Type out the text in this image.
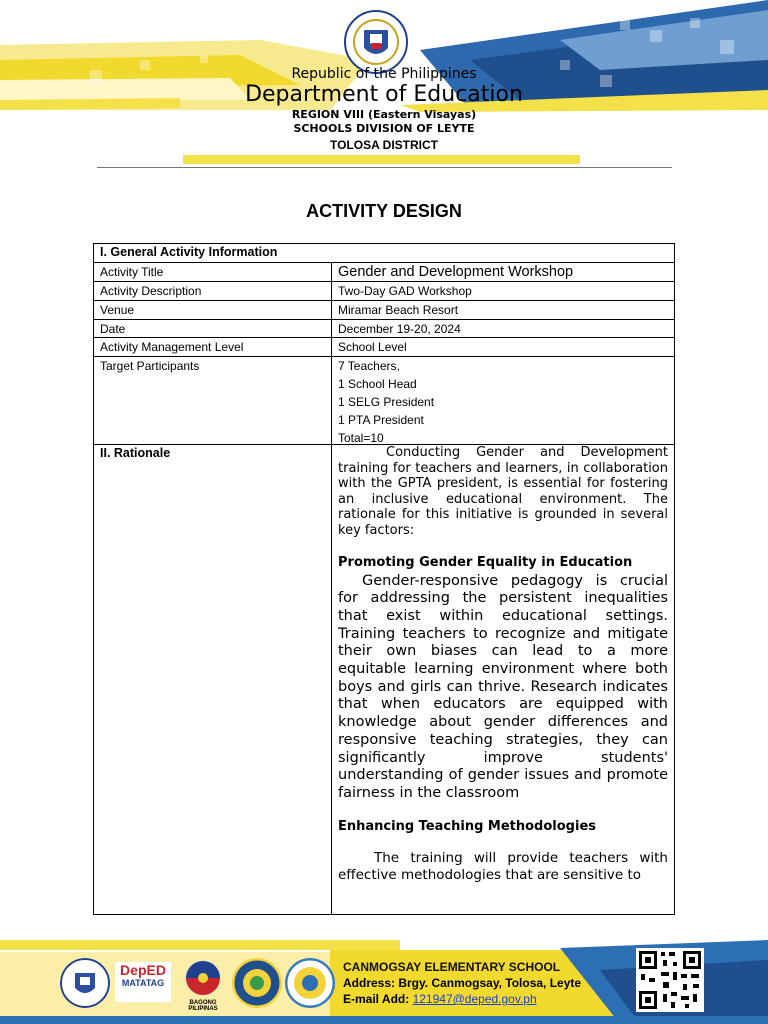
Republic of the Philippines
Department of Education
REGION VIII (Eastern Visayas)
SCHOOLS DIVISION OF LEYTE
TOLOSA DISTRICT
ACTIVITY DESIGN
I. General Activity Information
Activity Title	Gender and Development Workshop
Activity Description	Two-Day GAD Workshop
Venue	Miramar Beach Resort
Date	December 19-20, 2024
Activity Management Level	School Level
Target Participants	7 Teachers,
1 School Head
1 SELG President
1 PTA President
Total=10
II. Rationale	Conducting Gender and Development training for teachers and learners, in collaboration with the GPTA president, is essential for fostering an inclusive educational environment. The rationale for this initiative is grounded in several key factors:
Promoting Gender Equality in Education
Gender-responsive pedagogy is crucial for addressing the persistent inequalities that exist within educational settings. Training teachers to recognize and mitigate their own biases can lead to a more equitable learning environment where both boys and girls can thrive. Research indicates that when educators are equipped with knowledge about gender differences and responsive teaching strategies, they can significantly improve students' understanding of gender issues and promote fairness in the classroom
Enhancing Teaching Methodologies
The training will provide teachers with effective methodologies that are sensitive to
DepED
MATATAG
BAGONG PILIPINAS
CANMOGSAY ELEMENTARY SCHOOL
Address: Brgy. Canmogsay, Tolosa, Leyte
E-mail Add: 121947@deped.gov.ph
